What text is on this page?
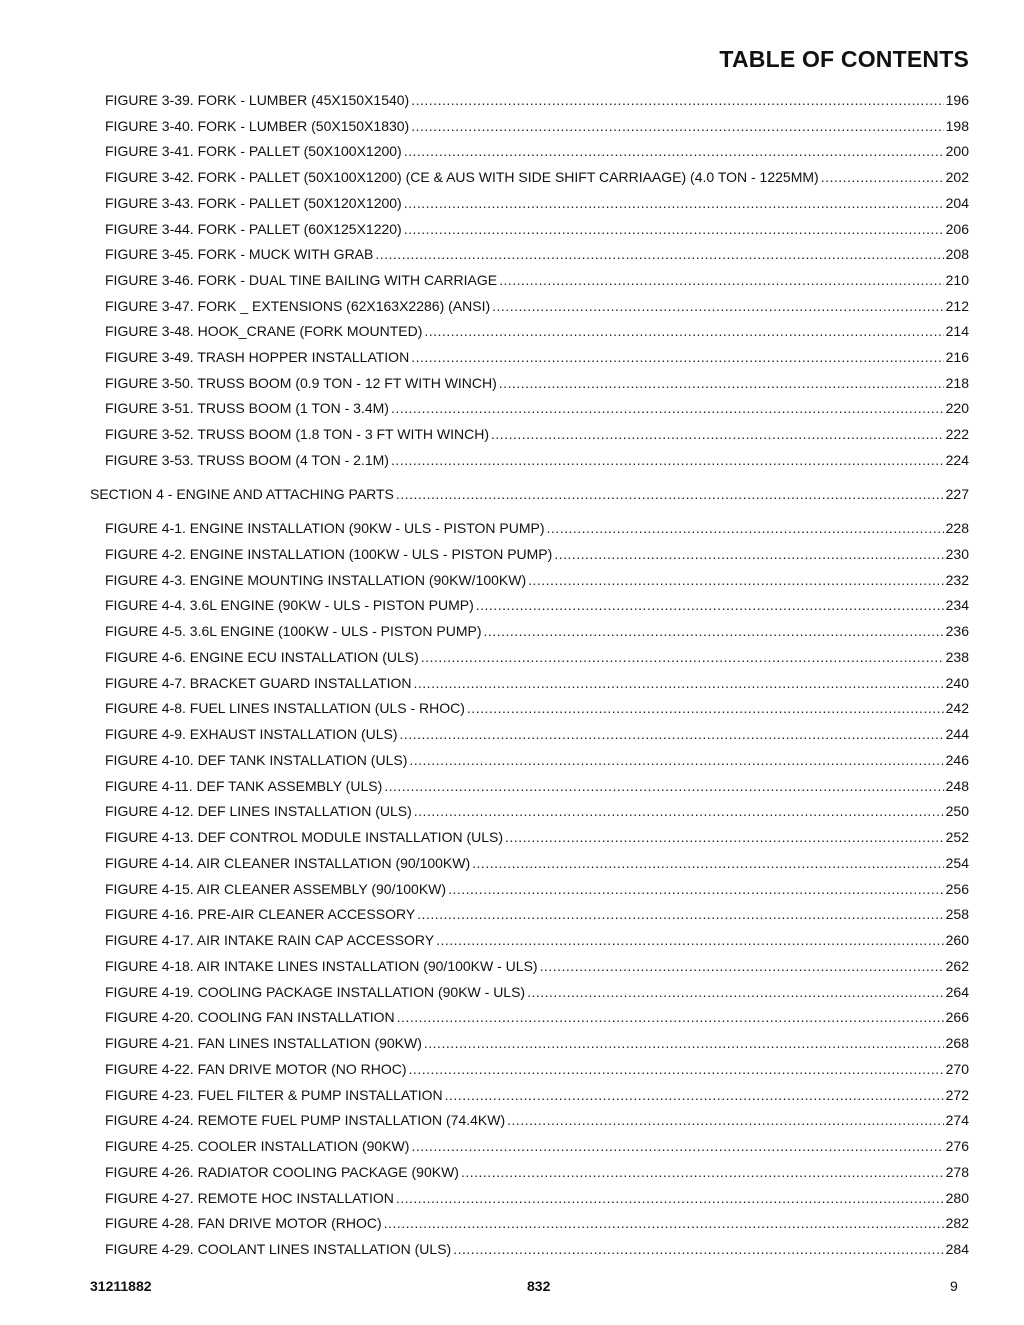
TABLE OF CONTENTS
FIGURE 3-39. FORK - LUMBER (45X150X1540) .....	196
FIGURE 3-40. FORK - LUMBER (50X150X1830) .....	198
FIGURE 3-41. FORK - PALLET (50X100X1200) .....	200
FIGURE 3-42. FORK - PALLET (50X100X1200) (CE & AUS WITH SIDE SHIFT CARRIAAGE) (4.0 TON - 1225MM) .....	202
FIGURE 3-43. FORK - PALLET (50X120X1200) .....	204
FIGURE 3-44. FORK - PALLET (60X125X1220) .....	206
FIGURE 3-45. FORK - MUCK WITH GRAB .....	208
FIGURE 3-46. FORK - DUAL TINE BAILING WITH CARRIAGE .....	210
FIGURE 3-47. FORK _ EXTENSIONS (62X163X2286) (ANSI) .....	212
FIGURE 3-48. HOOK_CRANE (FORK MOUNTED) .....	214
FIGURE 3-49. TRASH HOPPER INSTALLATION .....	216
FIGURE 3-50. TRUSS BOOM (0.9 TON - 12 FT WITH WINCH) .....	218
FIGURE 3-51. TRUSS BOOM (1 TON - 3.4M) .....	220
FIGURE 3-52. TRUSS BOOM (1.8 TON - 3 FT WITH WINCH) .....	222
FIGURE 3-53. TRUSS BOOM (4 TON - 2.1M) .....	224
SECTION 4 - ENGINE AND ATTACHING PARTS .....	227
FIGURE 4-1. ENGINE INSTALLATION (90KW - ULS - PISTON PUMP) .....	228
FIGURE 4-2. ENGINE INSTALLATION (100KW - ULS - PISTON PUMP) .....	230
FIGURE 4-3. ENGINE MOUNTING INSTALLATION (90KW/100KW) .....	232
FIGURE 4-4. 3.6L ENGINE (90KW - ULS - PISTON PUMP) .....	234
FIGURE 4-5. 3.6L ENGINE (100KW - ULS - PISTON PUMP) .....	236
FIGURE 4-6. ENGINE ECU INSTALLATION (ULS) .....	238
FIGURE 4-7. BRACKET GUARD INSTALLATION .....	240
FIGURE 4-8. FUEL LINES INSTALLATION (ULS - RHOC) .....	242
FIGURE 4-9. EXHAUST INSTALLATION (ULS) .....	244
FIGURE 4-10. DEF TANK INSTALLATION (ULS) .....	246
FIGURE 4-11. DEF TANK ASSEMBLY (ULS) .....	248
FIGURE 4-12. DEF LINES INSTALLATION (ULS) .....	250
FIGURE 4-13. DEF CONTROL MODULE INSTALLATION (ULS) .....	252
FIGURE 4-14. AIR CLEANER INSTALLATION (90/100KW) .....	254
FIGURE 4-15. AIR CLEANER ASSEMBLY (90/100KW) .....	256
FIGURE 4-16. PRE-AIR CLEANER ACCESSORY .....	258
FIGURE 4-17. AIR INTAKE RAIN CAP ACCESSORY .....	260
FIGURE 4-18. AIR INTAKE LINES INSTALLATION (90/100KW - ULS) .....	262
FIGURE 4-19. COOLING PACKAGE INSTALLATION (90KW - ULS) .....	264
FIGURE 4-20. COOLING FAN INSTALLATION .....	266
FIGURE 4-21. FAN LINES INSTALLATION (90KW) .....	268
FIGURE 4-22. FAN DRIVE MOTOR (NO RHOC) .....	270
FIGURE 4-23. FUEL FILTER & PUMP INSTALLATION .....	272
FIGURE 4-24. REMOTE FUEL PUMP INSTALLATION (74.4KW) .....	274
FIGURE 4-25. COOLER INSTALLATION (90KW) .....	276
FIGURE 4-26. RADIATOR COOLING PACKAGE (90KW) .....	278
FIGURE 4-27. REMOTE HOC INSTALLATION .....	280
FIGURE 4-28. FAN DRIVE MOTOR (RHOC) .....	282
FIGURE 4-29. COOLANT LINES INSTALLATION (ULS) .....	284
31211882	832	9
